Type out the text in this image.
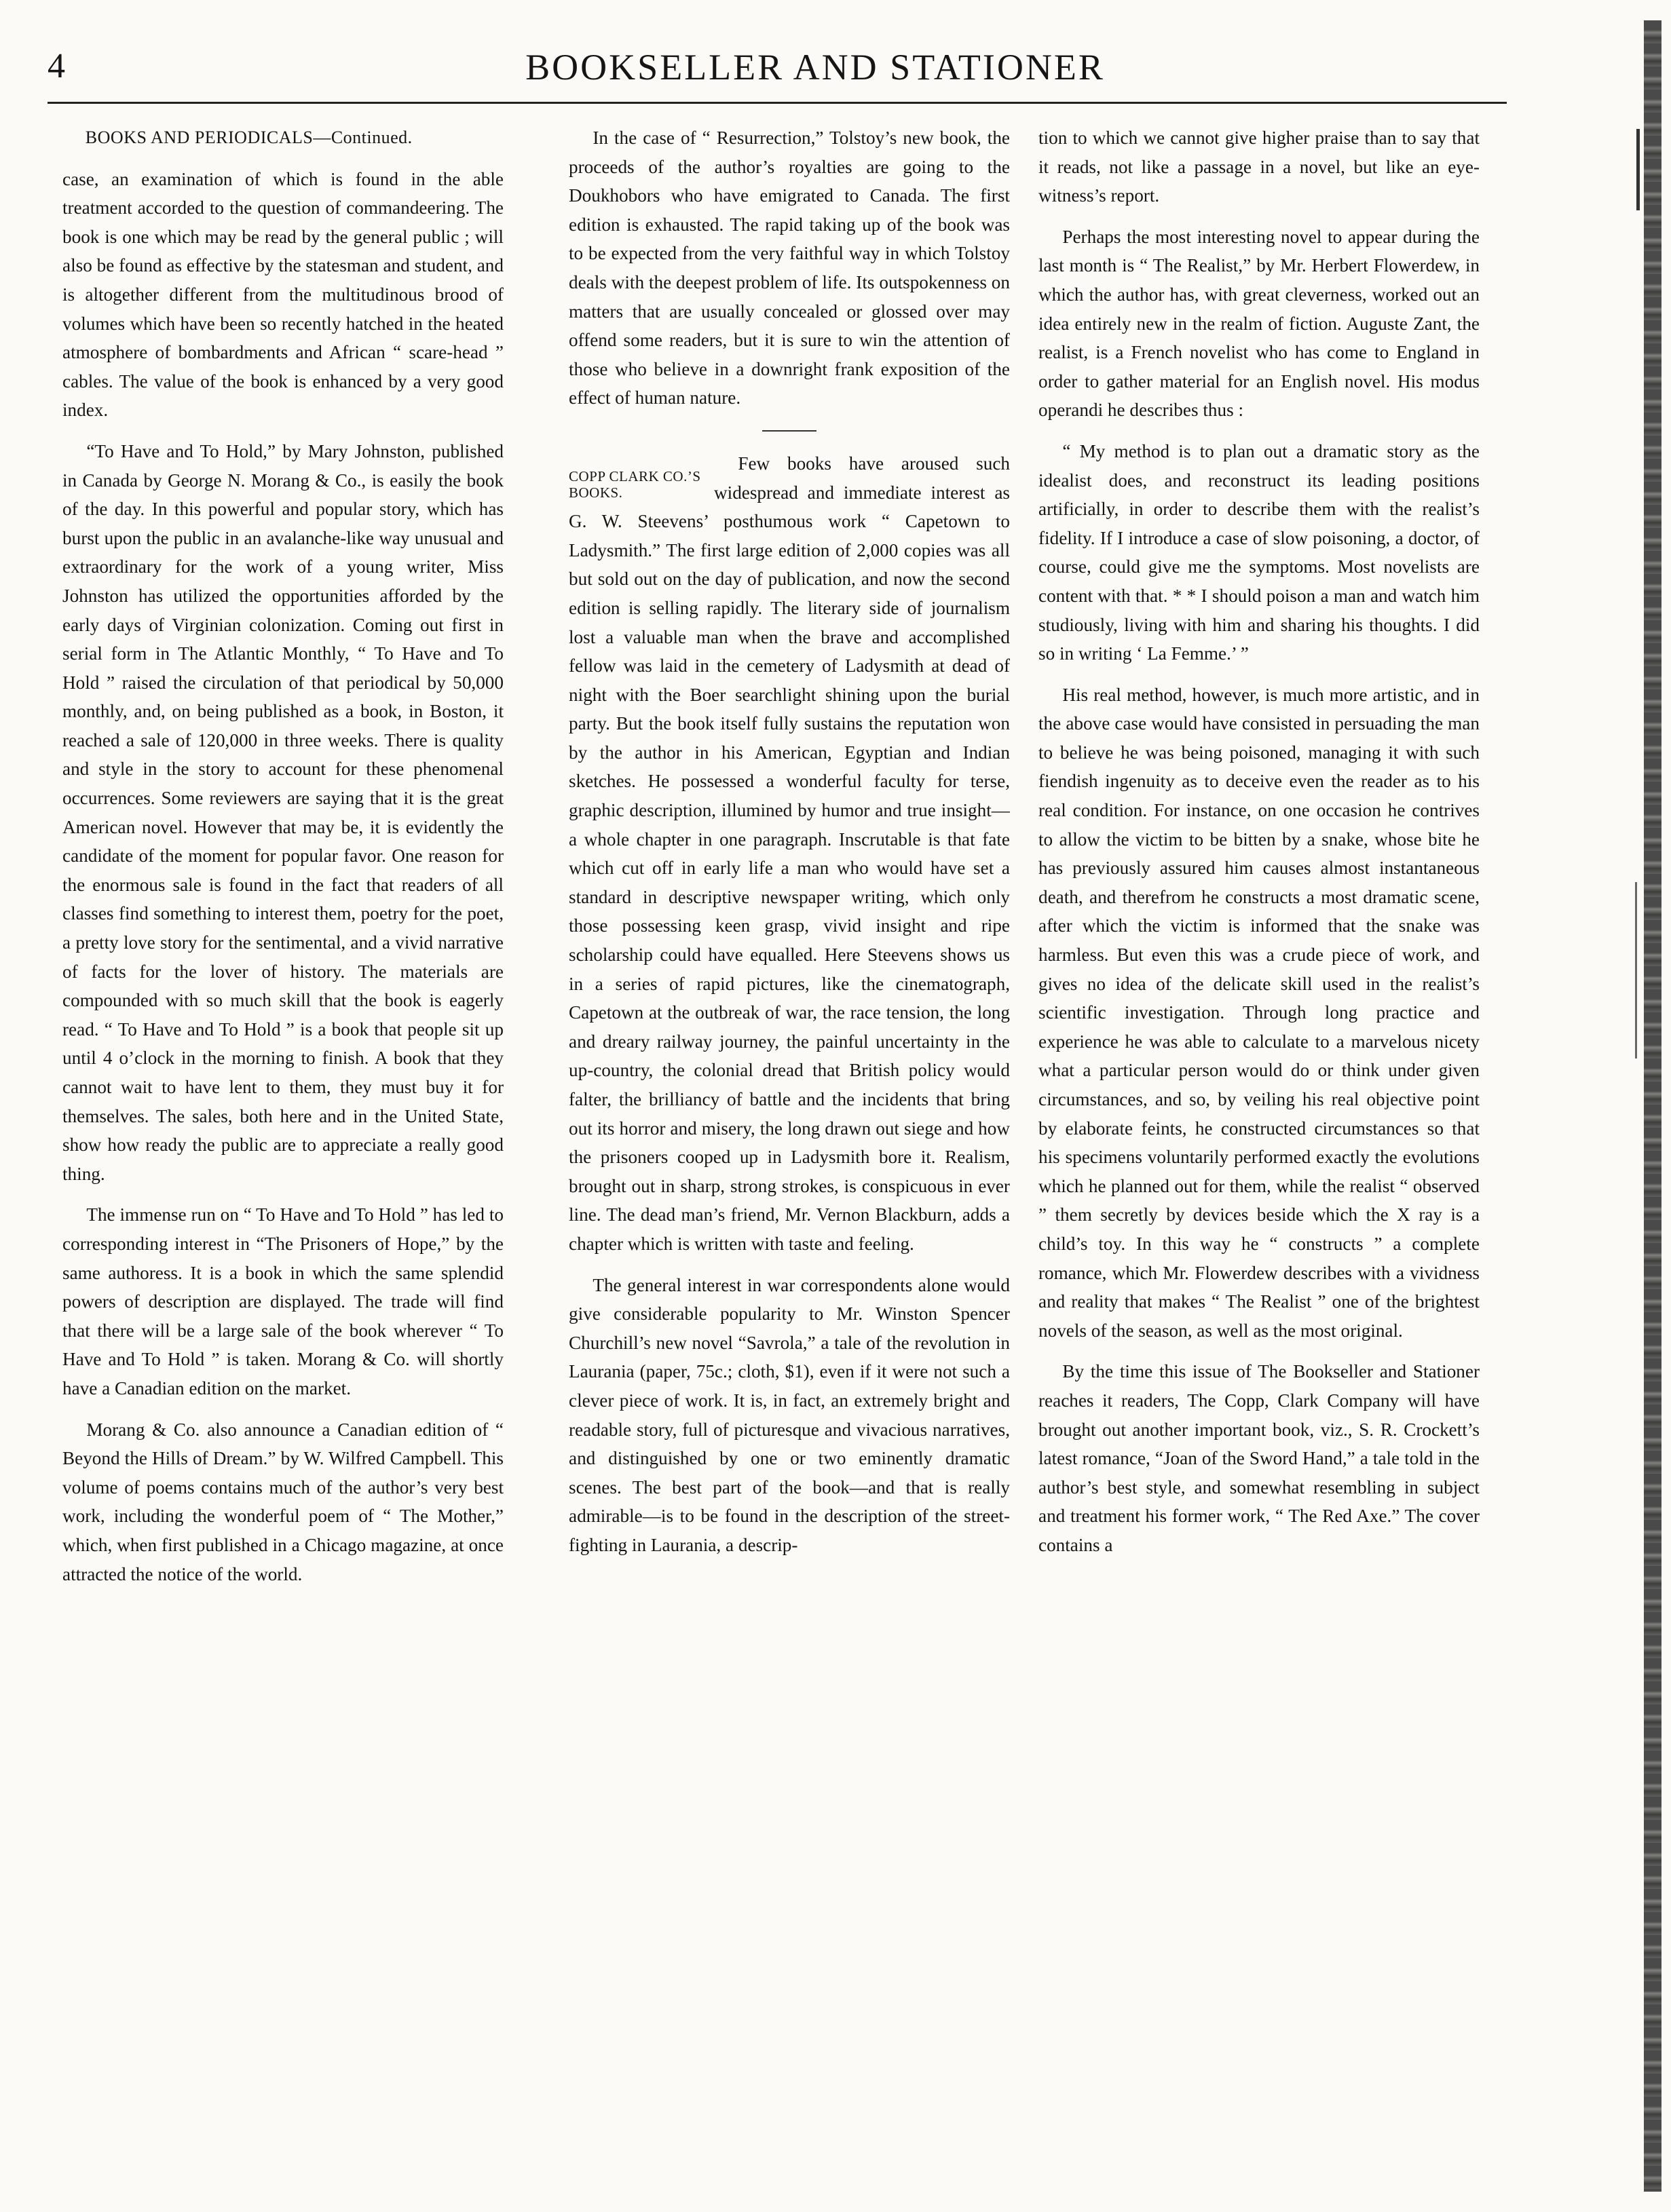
4	BOOKSELLER AND STATIONER

BOOKS AND PERIODICALS—Continued.

case, an examination of which is found in the able treatment accorded to the question of commandeering. The book is one which may be read by the general public ; will also be found as effective by the statesman and student, and is altogether different from the multitudinous brood of volumes which have been so recently hatched in the heated atmosphere of bombardments and African “ scare-head ” cables. The value of the book is enhanced by a very good index.

“To Have and To Hold,” by Mary Johnston, published in Canada by George N. Morang & Co., is easily the book of the day. In this powerful and popular story, which has burst upon the public in an avalanche-like way unusual and extraordinary for the work of a young writer, Miss Johnston has utilized the opportunities afforded by the early days of Virginian colonization. Coming out first in serial form in The Atlantic Monthly, “ To Have and To Hold ” raised the circulation of that periodical by 50,000 monthly, and, on being published as a book, in Boston, it reached a sale of 120,000 in three weeks. There is quality and style in the story to account for these phenomenal occurrences. Some reviewers are saying that it is the great American novel. However that may be, it is evidently the candidate of the moment for popular favor. One reason for the enormous sale is found in the fact that readers of all classes find something to interest them, poetry for the poet, a pretty love story for the sentimental, and a vivid narrative of facts for the lover of history. The materials are compounded with so much skill that the book is eagerly read. “ To Have and To Hold ” is a book that people sit up until 4 o’clock in the morning to finish. A book that they cannot wait to have lent to them, they must buy it for themselves. The sales, both here and in the United State, show how ready the public are to appreciate a really good thing.

The immense run on “ To Have and To Hold ” has led to corresponding interest in “The Prisoners of Hope,” by the same authoress. It is a book in which the same splendid powers of description are displayed. The trade will find that there will be a large sale of the book wherever “ To Have and To Hold ” is taken. Morang & Co. will shortly have a Canadian edition on the market.

Morang & Co. also announce a Canadian edition of “ Beyond the Hills of Dream.” by W. Wilfred Campbell. This volume of poems contains much of the author’s very best work, including the wonderful poem of “ The Mother,” which, when first published in a Chicago magazine, at once attracted the notice of the world.

In the case of “ Resurrection,” Tolstoy’s new book, the proceeds of the author’s royalties are going to the Doukhobors who have emigrated to Canada. The first edition is exhausted. The rapid taking up of the book was to be expected from the very faithful way in which Tolstoy deals with the deepest problem of life. Its outspokenness on matters that are usually concealed or glossed over may offend some readers, but it is sure to win the attention of those who believe in a downright frank exposition of the effect of human nature.

COPP CLARK CO.’S BOOKS.

Few books have aroused such widespread and immediate interest as G. W. Steevens’ posthumous work “ Capetown to Ladysmith.” The first large edition of 2,000 copies was all but sold out on the day of publication, and now the second edition is selling rapidly. The literary side of journalism lost a valuable man when the brave and accomplished fellow was laid in the cemetery of Ladysmith at dead of night with the Boer searchlight shining upon the burial party. But the book itself fully sustains the reputation won by the author in his American, Egyptian and Indian sketches. He possessed a wonderful faculty for terse, graphic description, illumined by humor and true insight—a whole chapter in one paragraph. Inscrutable is that fate which cut off in early life a man who would have set a standard in descriptive newspaper writing, which only those possessing keen grasp, vivid insight and ripe scholarship could have equalled. Here Steevens shows us in a series of rapid pictures, like the cinematograph, Capetown at the outbreak of war, the race tension, the long and dreary railway journey, the painful uncertainty in the up-country, the colonial dread that British policy would falter, the brilliancy of battle and the incidents that bring out its horror and misery, the long drawn out siege and how the prisoners cooped up in Ladysmith bore it. Realism, brought out in sharp, strong strokes, is conspicuous in ever line. The dead man’s friend, Mr. Vernon Blackburn, adds a chapter which is written with taste and feeling.

The general interest in war correspondents alone would give considerable popularity to Mr. Winston Spencer Churchill’s new novel “Savrola,” a tale of the revolution in Laurania (paper, 75c.; cloth, $1), even if it were not such a clever piece of work. It is, in fact, an extremely bright and readable story, full of picturesque and vivacious narratives, and distinguished by one or two eminently dramatic scenes. The best part of the book—and that is really admirable—is to be found in the description of the street-fighting in Laurania, a descrip-

tion to which we cannot give higher praise than to say that it reads, not like a passage in a novel, but like an eye-witness’s report.

Perhaps the most interesting novel to appear during the last month is “ The Realist,” by Mr. Herbert Flowerdew, in which the author has, with great cleverness, worked out an idea entirely new in the realm of fiction. Auguste Zant, the realist, is a French novelist who has come to England in order to gather material for an English novel. His modus operandi he describes thus :

“ My method is to plan out a dramatic story as the idealist does, and reconstruct its leading positions artificially, in order to describe them with the realist’s fidelity. If I introduce a case of slow poisoning, a doctor, of course, could give me the symptoms. Most novelists are content with that. * * I should poison a man and watch him studiously, living with him and sharing his thoughts. I did so in writing ‘ La Femme.’ ”

His real method, however, is much more artistic, and in the above case would have consisted in persuading the man to believe he was being poisoned, managing it with such fiendish ingenuity as to deceive even the reader as to his real condition. For instance, on one occasion he contrives to allow the victim to be bitten by a snake, whose bite he has previously assured him causes almost instantaneous death, and therefrom he constructs a most dramatic scene, after which the victim is informed that the snake was harmless. But even this was a crude piece of work, and gives no idea of the delicate skill used in the realist’s scientific investigation. Through long practice and experience he was able to calculate to a marvelous nicety what a particular person would do or think under given circumstances, and so, by veiling his real objective point by elaborate feints, he constructed circumstances so that his specimens voluntarily performed exactly the evolutions which he planned out for them, while the realist “ observed ” them secretly by devices beside which the X ray is a child’s toy. In this way he “ constructs ” a complete romance, which Mr. Flowerdew describes with a vividness and reality that makes “ The Realist ” one of the brightest novels of the season, as well as the most original.

By the time this issue of The Bookseller and Stationer reaches it readers, The Copp, Clark Company will have brought out another important book, viz., S. R. Crockett’s latest romance, “Joan of the Sword Hand,” a tale told in the author’s best style, and somewhat resembling in subject and treatment his former work, “ The Red Axe.” The cover contains a
